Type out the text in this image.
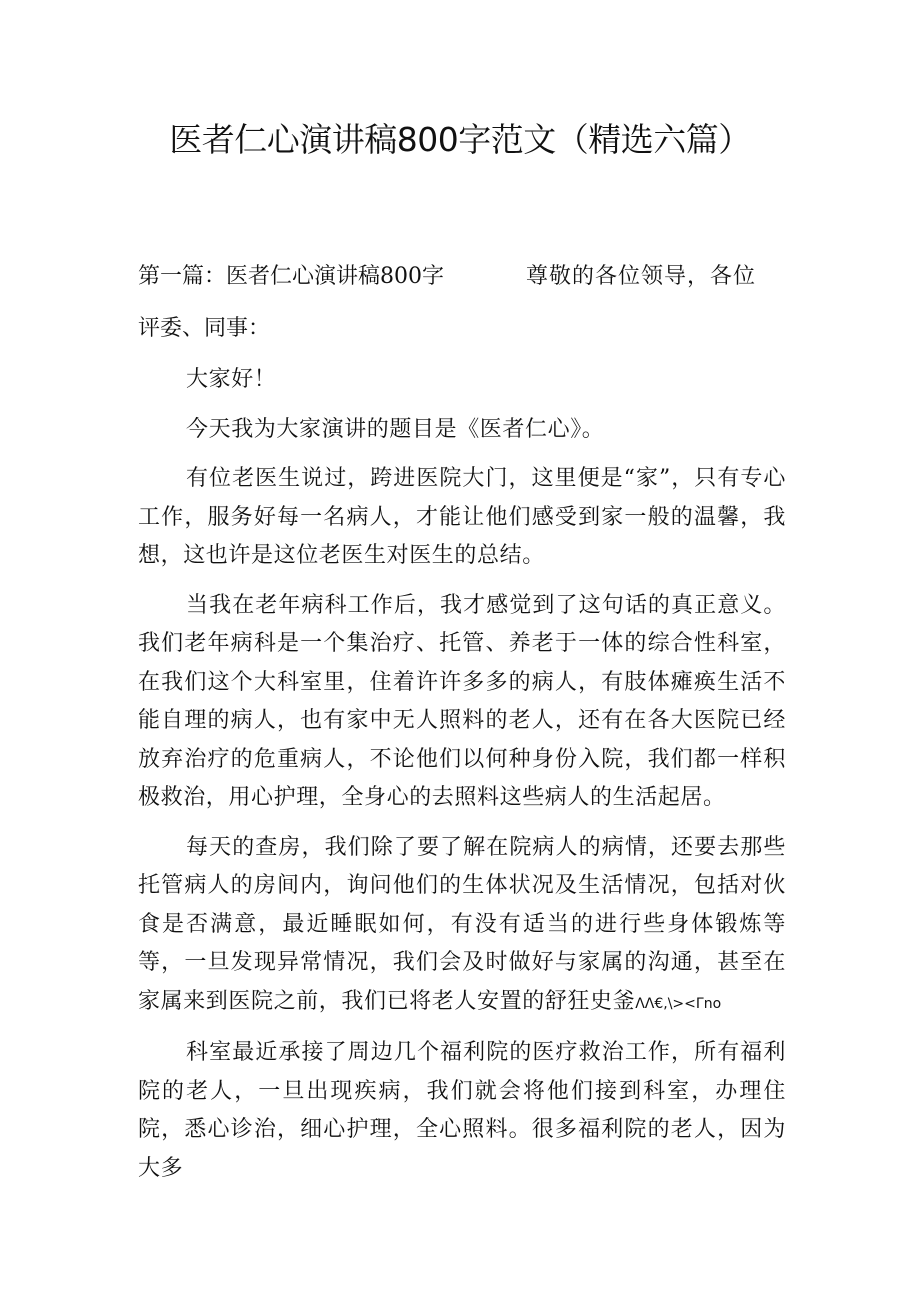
医者仁心演讲稿800字范文（精选六篇）
第一篇：医者仁心演讲稿800字	尊敬的各位领导，各位
评委、同事：

大家好！

今天我为大家演讲的题目是《医者仁心》。

有位老医生说过，跨进医院大门，这里便是“家”，只有专心工作，服务好每一名病人，才能让他们感受到家一般的温馨，我想，这也许是这位老医生对医生的总结。

当我在老年病科工作后，我才感觉到了这句话的真正意义。我们老年病科是一个集治疗、托管、养老于一体的综合性科室，在我们这个大科室里，住着许许多多的病人，有肢体瘫痪生活不能自理的病人，也有家中无人照料的老人，还有在各大医院已经放弃治疗的危重病人，不论他们以何种身份入院，我们都一样积极救治，用心护理，全身心的去照料这些病人的生活起居。

每天的查房，我们除了要了解在院病人的病情，还要去那些托管病人的房间内，询问他们的生体状况及生活情况，包括对伙食是否满意，最近睡眠如何，有没有适当的进行些身体锻炼等等，一旦发现异常情况，我们会及时做好与家属的沟通，甚至在家属来到医院之前，我们已将老人安置的舒狂史釜ΛΛ€,\><Γno

科室最近承接了周边几个福利院的医疗救治工作，所有福利院的老人，一旦出现疾病，我们就会将他们接到科室，办理住院，悉心诊治，细心护理，全心照料。很多福利院的老人，因为大多
